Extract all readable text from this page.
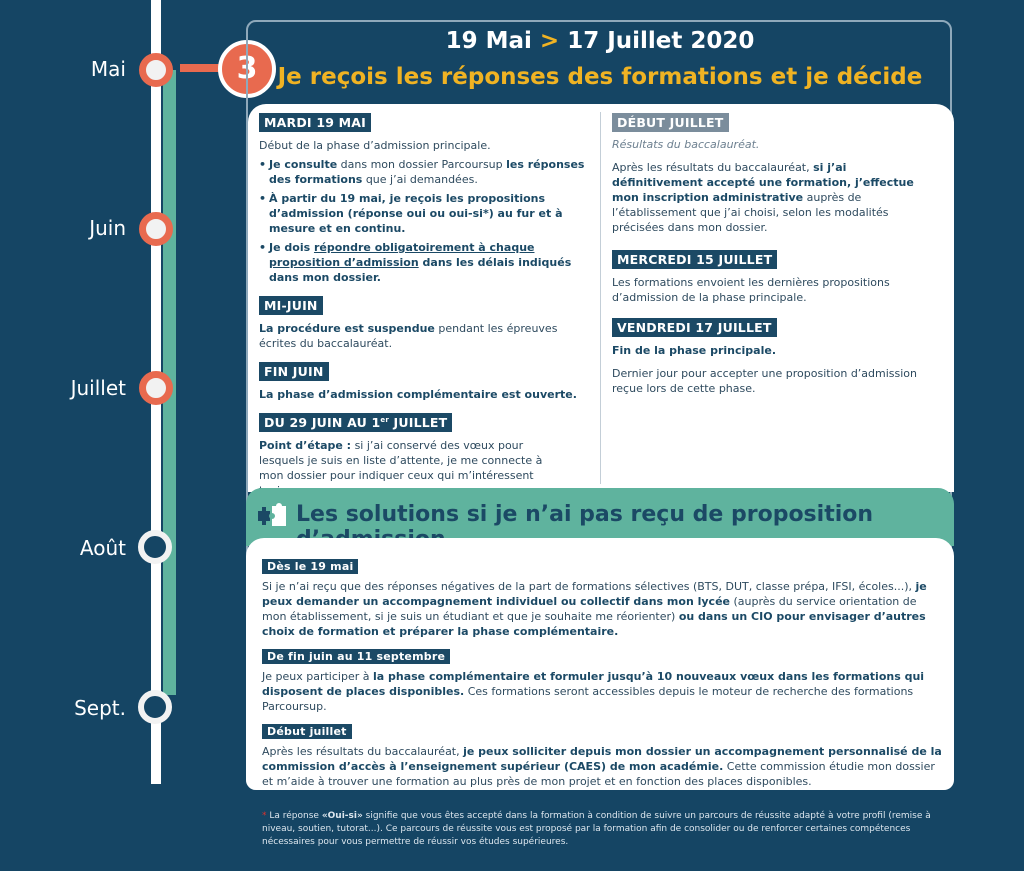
Mai
Juin
Juillet
Août
Sept.
3
19 Mai > 17 Juillet 2020
Je reçois les réponses des formations et je décide
MARDI 19 MAI
Début de la phase d’admission principale.
• Je consulte dans mon dossier Parcoursup les réponses des formations que j’ai demandées.
• À partir du 19 mai, je reçois les propositions d’admission (réponse oui ou oui-si*) au fur et à mesure et en continu.
• Je dois répondre obligatoirement à chaque proposition d’admission dans les délais indiqués dans mon dossier.
MI-JUIN
La procédure est suspendue pendant les épreuves écrites du baccalauréat.
FIN JUIN
La phase d’admission complémentaire est ouverte.
DU 29 JUIN AU 1er JUILLET
Point d’étape : si j’ai conservé des vœux pour lesquels je suis en liste d’attente, je me connecte à mon dossier pour indiquer ceux qui m’intéressent
DÉBUT JUILLET
Résultats du baccalauréat.
Après les résultats du baccalauréat, si j’ai définitivement accepté une formation, j’effectue mon inscription administrative auprès de l’établissement que j’ai choisi, selon les modalités précisées dans mon dossier.
MERCREDI 15 JUILLET
Les formations envoient les dernières propositions d’admission de la phase principale.
VENDREDI 17 JUILLET
Fin de la phase principale.
Dernier jour pour accepter une proposition d’admission reçue lors de cette phase.
Les solutions si je n’ai pas reçu de proposition
Dès le 19 mai
Si je n’ai reçu que des réponses négatives de la part de formations sélectives (BTS, DUT, classe prépa, IFSI, écoles...), je peux demander un accompagnement individuel ou collectif dans mon lycée (auprès du service orientation de mon établissement, si je suis un étudiant et que je souhaite me réorienter) ou dans un CIO pour envisager d’autres choix de formation et préparer la phase complémentaire.
De fin juin au 11 septembre
Je peux participer à la phase complémentaire et formuler jusqu’à 10 nouveaux vœux dans les formations qui disposent de places disponibles. Ces formations seront accessibles depuis le moteur de recherche des formations Parcoursup.
Début juillet
Après les résultats du baccalauréat, je peux solliciter depuis mon dossier un accompagnement personnalisé de la commission d’accès à l’enseignement supérieur (CAES) de mon académie. Cette commission étudie mon dossier et m’aide à trouver une formation au plus près de mon projet et en fonction des places disponibles.
* La réponse «Oui-si» signifie que vous êtes accepté dans la formation à condition de suivre un parcours de réussite adapté à votre profil (remise à niveau, soutien, tutorat...). Ce parcours de réussite vous est proposé par la formation afin de consolider ou de renforcer certaines compétences nécessaires pour vous permettre de réussir vos études supérieures.
